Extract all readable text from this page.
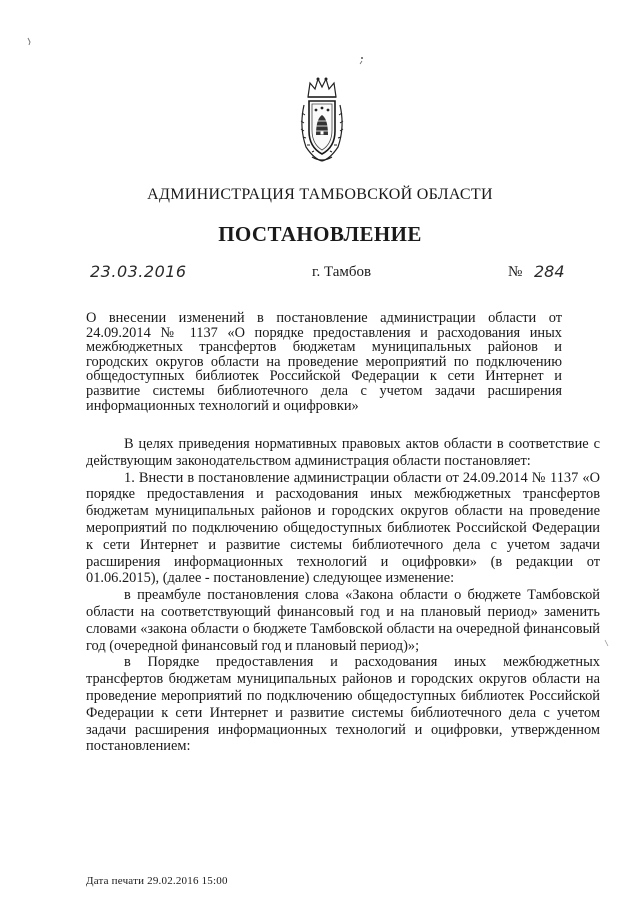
АДМИНИСТРАЦИЯ ТАМБОВСКОЙ ОБЛАСТИ
ПОСТАНОВЛЕНИЕ
23.03.2016	г. Тамбов	№ 284

О внесении изменений в постановление администрации области от 24.09.2014 № 1137 «О порядке предоставления и расходования иных межбюджетных трансфертов бюджетам муниципальных районов и городских округов области на проведение мероприятий по подключению общедоступных библиотек Российской Федерации к сети Интернет и развитие системы библиотечного дела с учетом задачи расширения информационных технологий и оцифровки»

В целях приведения нормативных правовых актов области в соответствие с действующим законодательством администрация области постановляет:

1. Внести в постановление администрации области от 24.09.2014 № 1137 «О порядке предоставления и расходования иных межбюджетных трансфертов бюджетам муниципальных районов и городских округов области на проведение мероприятий по подключению общедоступных библиотек Российской Федерации к сети Интернет и развитие системы библиотечного дела с учетом задачи расширения информационных технологий и оцифровки» (в редакции от 01.06.2015), (далее - постановление) следующее изменение:

в преамбуле постановления слова «Закона области о бюджете Тамбовской области на соответствующий финансовый год и на плановый период» заменить словами «закона области о бюджете Тамбовской области на очередной финансовый год (очередной финансовый год и плановый период)»;

в Порядке предоставления и расходования иных межбюджетных трансфертов бюджетам муниципальных районов и городских округов области на проведение мероприятий по подключению общедоступных библиотек Российской Федерации к сети Интернет и развитие системы библиотечного дела с учетом задачи расширения информационных технологий и оцифровки, утвержденном постановлением:

Дата печати 29.02.2016 15:00
